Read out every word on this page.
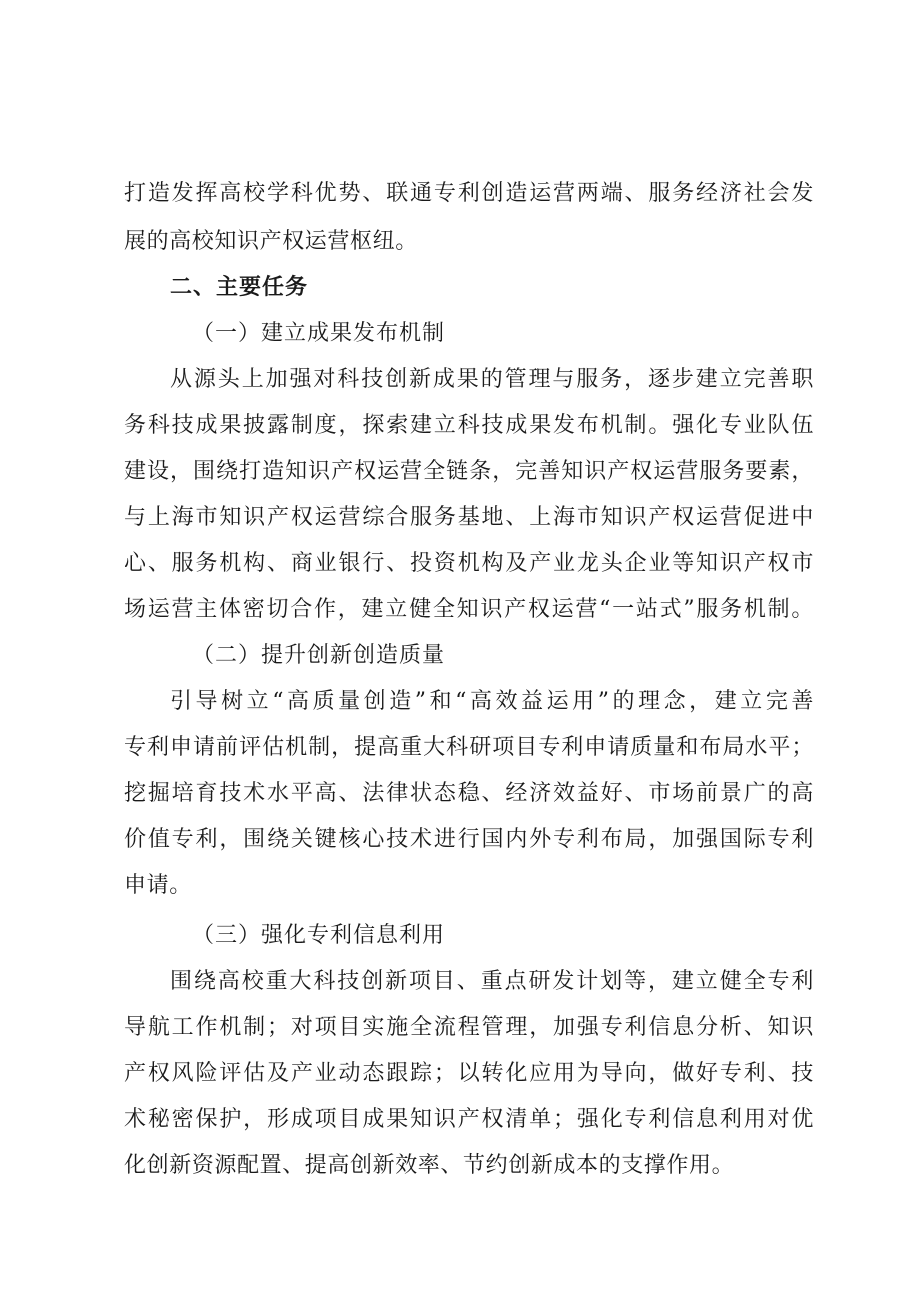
打造发挥高校学科优势、联通专利创造运营两端、服务经济社会发
展的高校知识产权运营枢纽。
二、主要任务
（一）建立成果发布机制
从源头上加强对科技创新成果的管理与服务，逐步建立完善职
务科技成果披露制度，探索建立科技成果发布机制。强化专业队伍
建设，围绕打造知识产权运营全链条，完善知识产权运营服务要素，
与上海市知识产权运营综合服务基地、上海市知识产权运营促进中
心、服务机构、商业银行、投资机构及产业龙头企业等知识产权市
场运营主体密切合作，建立健全知识产权运营“一站式”服务机制。
（二）提升创新创造质量
引导树立“高质量创造”和“高效益运用”的理念，建立完善
专利申请前评估机制，提高重大科研项目专利申请质量和布局水平；
挖掘培育技术水平高、法律状态稳、经济效益好、市场前景广的高
价值专利，围绕关键核心技术进行国内外专利布局，加强国际专利
申请。
（三）强化专利信息利用
围绕高校重大科技创新项目、重点研发计划等，建立健全专利
导航工作机制；对项目实施全流程管理，加强专利信息分析、知识
产权风险评估及产业动态跟踪；以转化应用为导向，做好专利、技
术秘密保护，形成项目成果知识产权清单；强化专利信息利用对优
化创新资源配置、提高创新效率、节约创新成本的支撑作用。
